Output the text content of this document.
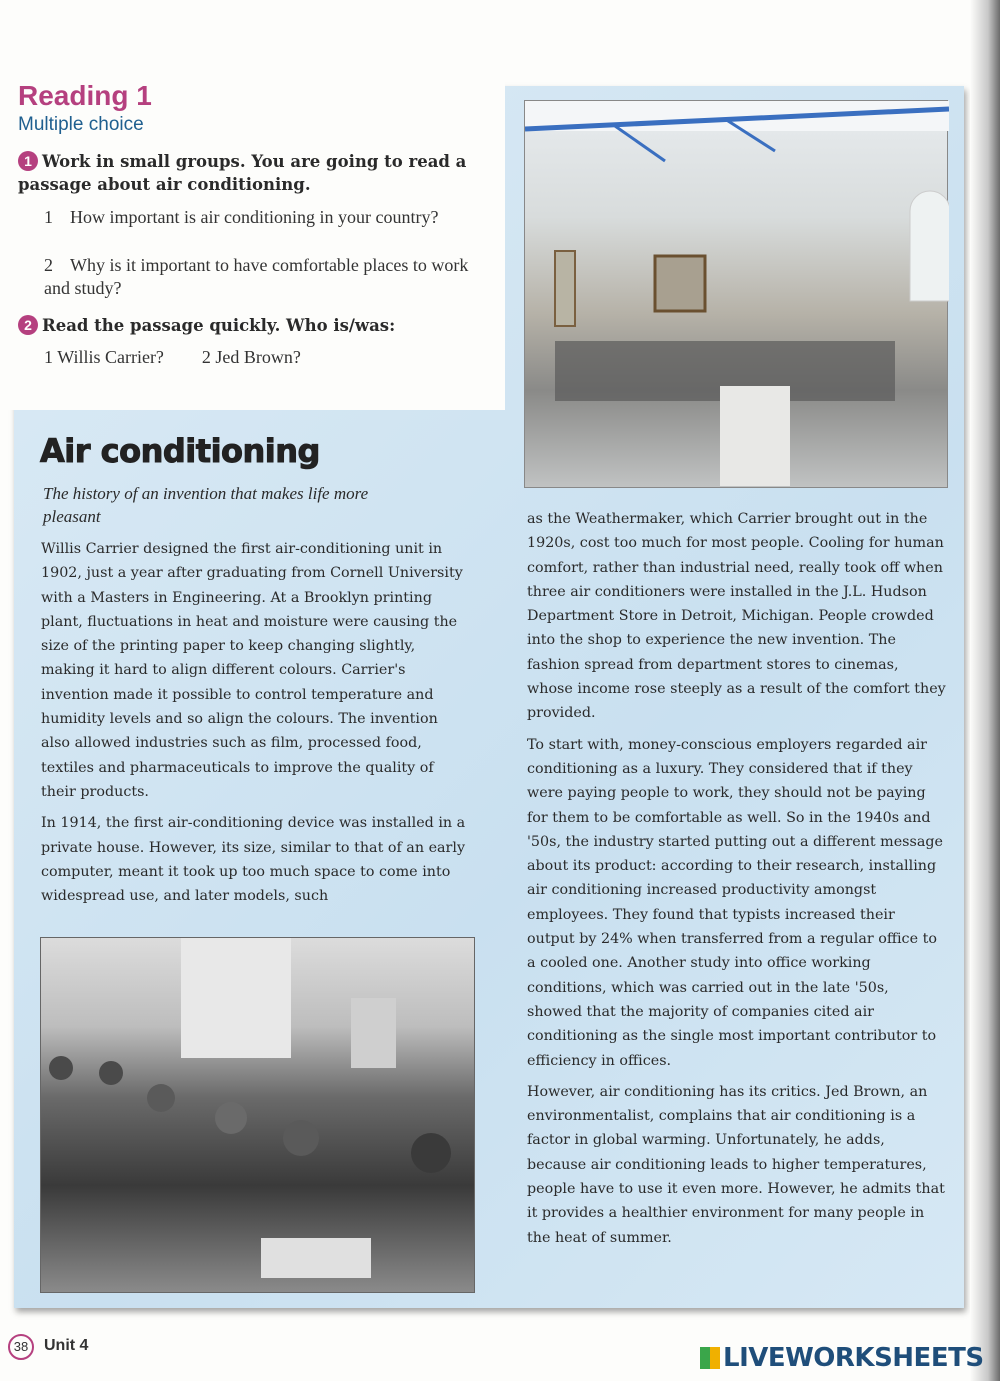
Reading 1
Multiple choice
1 Work in small groups. You are going to read a passage about air conditioning.
1 How important is air conditioning in your country?
2 Why is it important to have comfortable places to work and study?
2 Read the passage quickly. Who is/was:
1 Willis Carrier? 2 Jed Brown?
Air conditioning
The history of an invention that makes life more pleasant

Willis Carrier designed the first air-conditioning unit in 1902, just a year after graduating from Cornell University with a Masters in Engineering. At a Brooklyn printing plant, fluctuations in heat and moisture were causing the size of the printing paper to keep changing slightly, making it hard to align different colours. Carrier's invention made it possible to control temperature and humidity levels and so align the colours. The invention also allowed industries such as film, processed food, textiles and pharmaceuticals to improve the quality of their products.

In 1914, the first air-conditioning device was installed in a private house. However, its size, similar to that of an early computer, meant it took up too much space to come into widespread use, and later models, such

as the Weathermaker, which Carrier brought out in the 1920s, cost too much for most people. Cooling for human comfort, rather than industrial need, really took off when three air conditioners were installed in the J.L. Hudson Department Store in Detroit, Michigan. People crowded into the shop to experience the new invention. The fashion spread from department stores to cinemas, whose income rose steeply as a result of the comfort they provided.

To start with, money-conscious employers regarded air conditioning as a luxury. They considered that if they were paying people to work, they should not be paying for them to be comfortable as well. So in the 1940s and '50s, the industry started putting out a different message about its product: according to their research, installing air conditioning increased productivity amongst employees. They found that typists increased their output by 24% when transferred from a regular office to a cooled one. Another study into office working conditions, which was carried out in the late '50s, showed that the majority of companies cited air conditioning as the single most important contributor to efficiency in offices.

However, air conditioning has its critics. Jed Brown, an environmentalist, complains that air conditioning is a factor in global warming. Unfortunately, he adds, because air conditioning leads to higher temperatures, people have to use it even more. However, he admits that it provides a healthier environment for many people in the heat of summer.

38 Unit 4	LIVEWORKSHEETS
